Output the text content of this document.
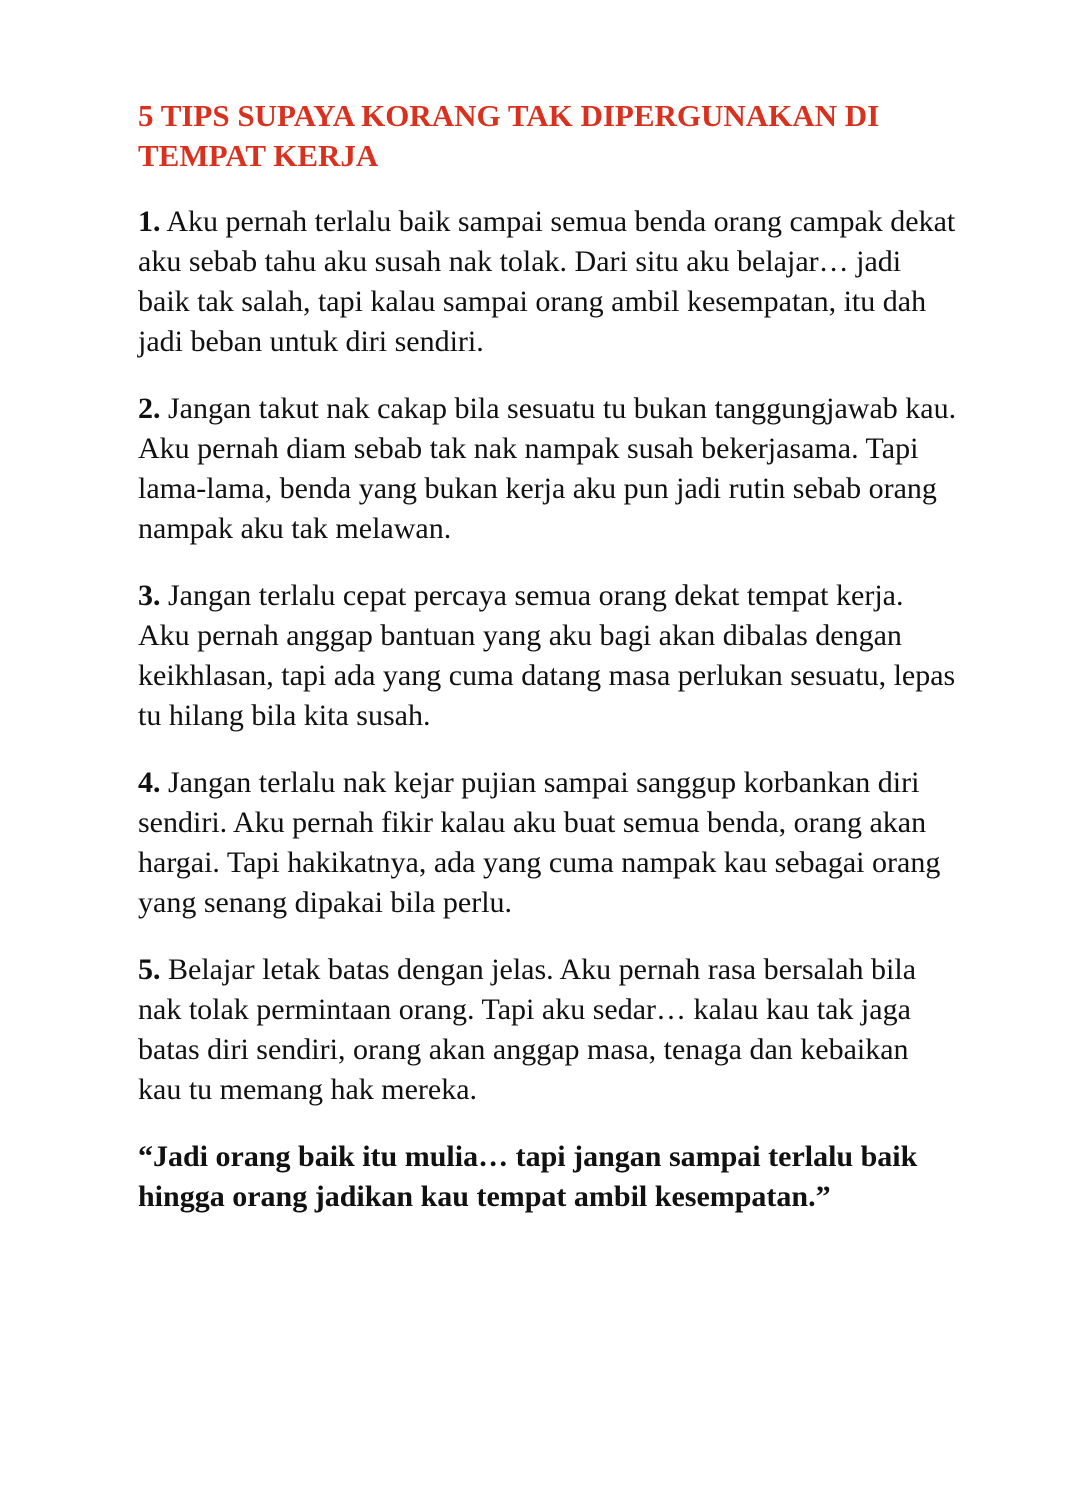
5 TIPS SUPAYA KORANG TAK DIPERGUNAKAN DI TEMPAT KERJA

1. Aku pernah terlalu baik sampai semua benda orang campak dekat aku sebab tahu aku susah nak tolak. Dari situ aku belajar… jadi baik tak salah, tapi kalau sampai orang ambil kesempatan, itu dah jadi beban untuk diri sendiri.

2. Jangan takut nak cakap bila sesuatu tu bukan tanggungjawab kau. Aku pernah diam sebab tak nak nampak susah bekerjasama. Tapi lama-lama, benda yang bukan kerja aku pun jadi rutin sebab orang nampak aku tak melawan.

3. Jangan terlalu cepat percaya semua orang dekat tempat kerja. Aku pernah anggap bantuan yang aku bagi akan dibalas dengan keikhlasan, tapi ada yang cuma datang masa perlukan sesuatu, lepas tu hilang bila kita susah.

4. Jangan terlalu nak kejar pujian sampai sanggup korbankan diri sendiri. Aku pernah fikir kalau aku buat semua benda, orang akan hargai. Tapi hakikatnya, ada yang cuma nampak kau sebagai orang yang senang dipakai bila perlu.

5. Belajar letak batas dengan jelas. Aku pernah rasa bersalah bila nak tolak permintaan orang. Tapi aku sedar… kalau kau tak jaga batas diri sendiri, orang akan anggap masa, tenaga dan kebaikan kau tu memang hak mereka.

“Jadi orang baik itu mulia… tapi jangan sampai terlalu baik hingga orang jadikan kau tempat ambil kesempatan.”
